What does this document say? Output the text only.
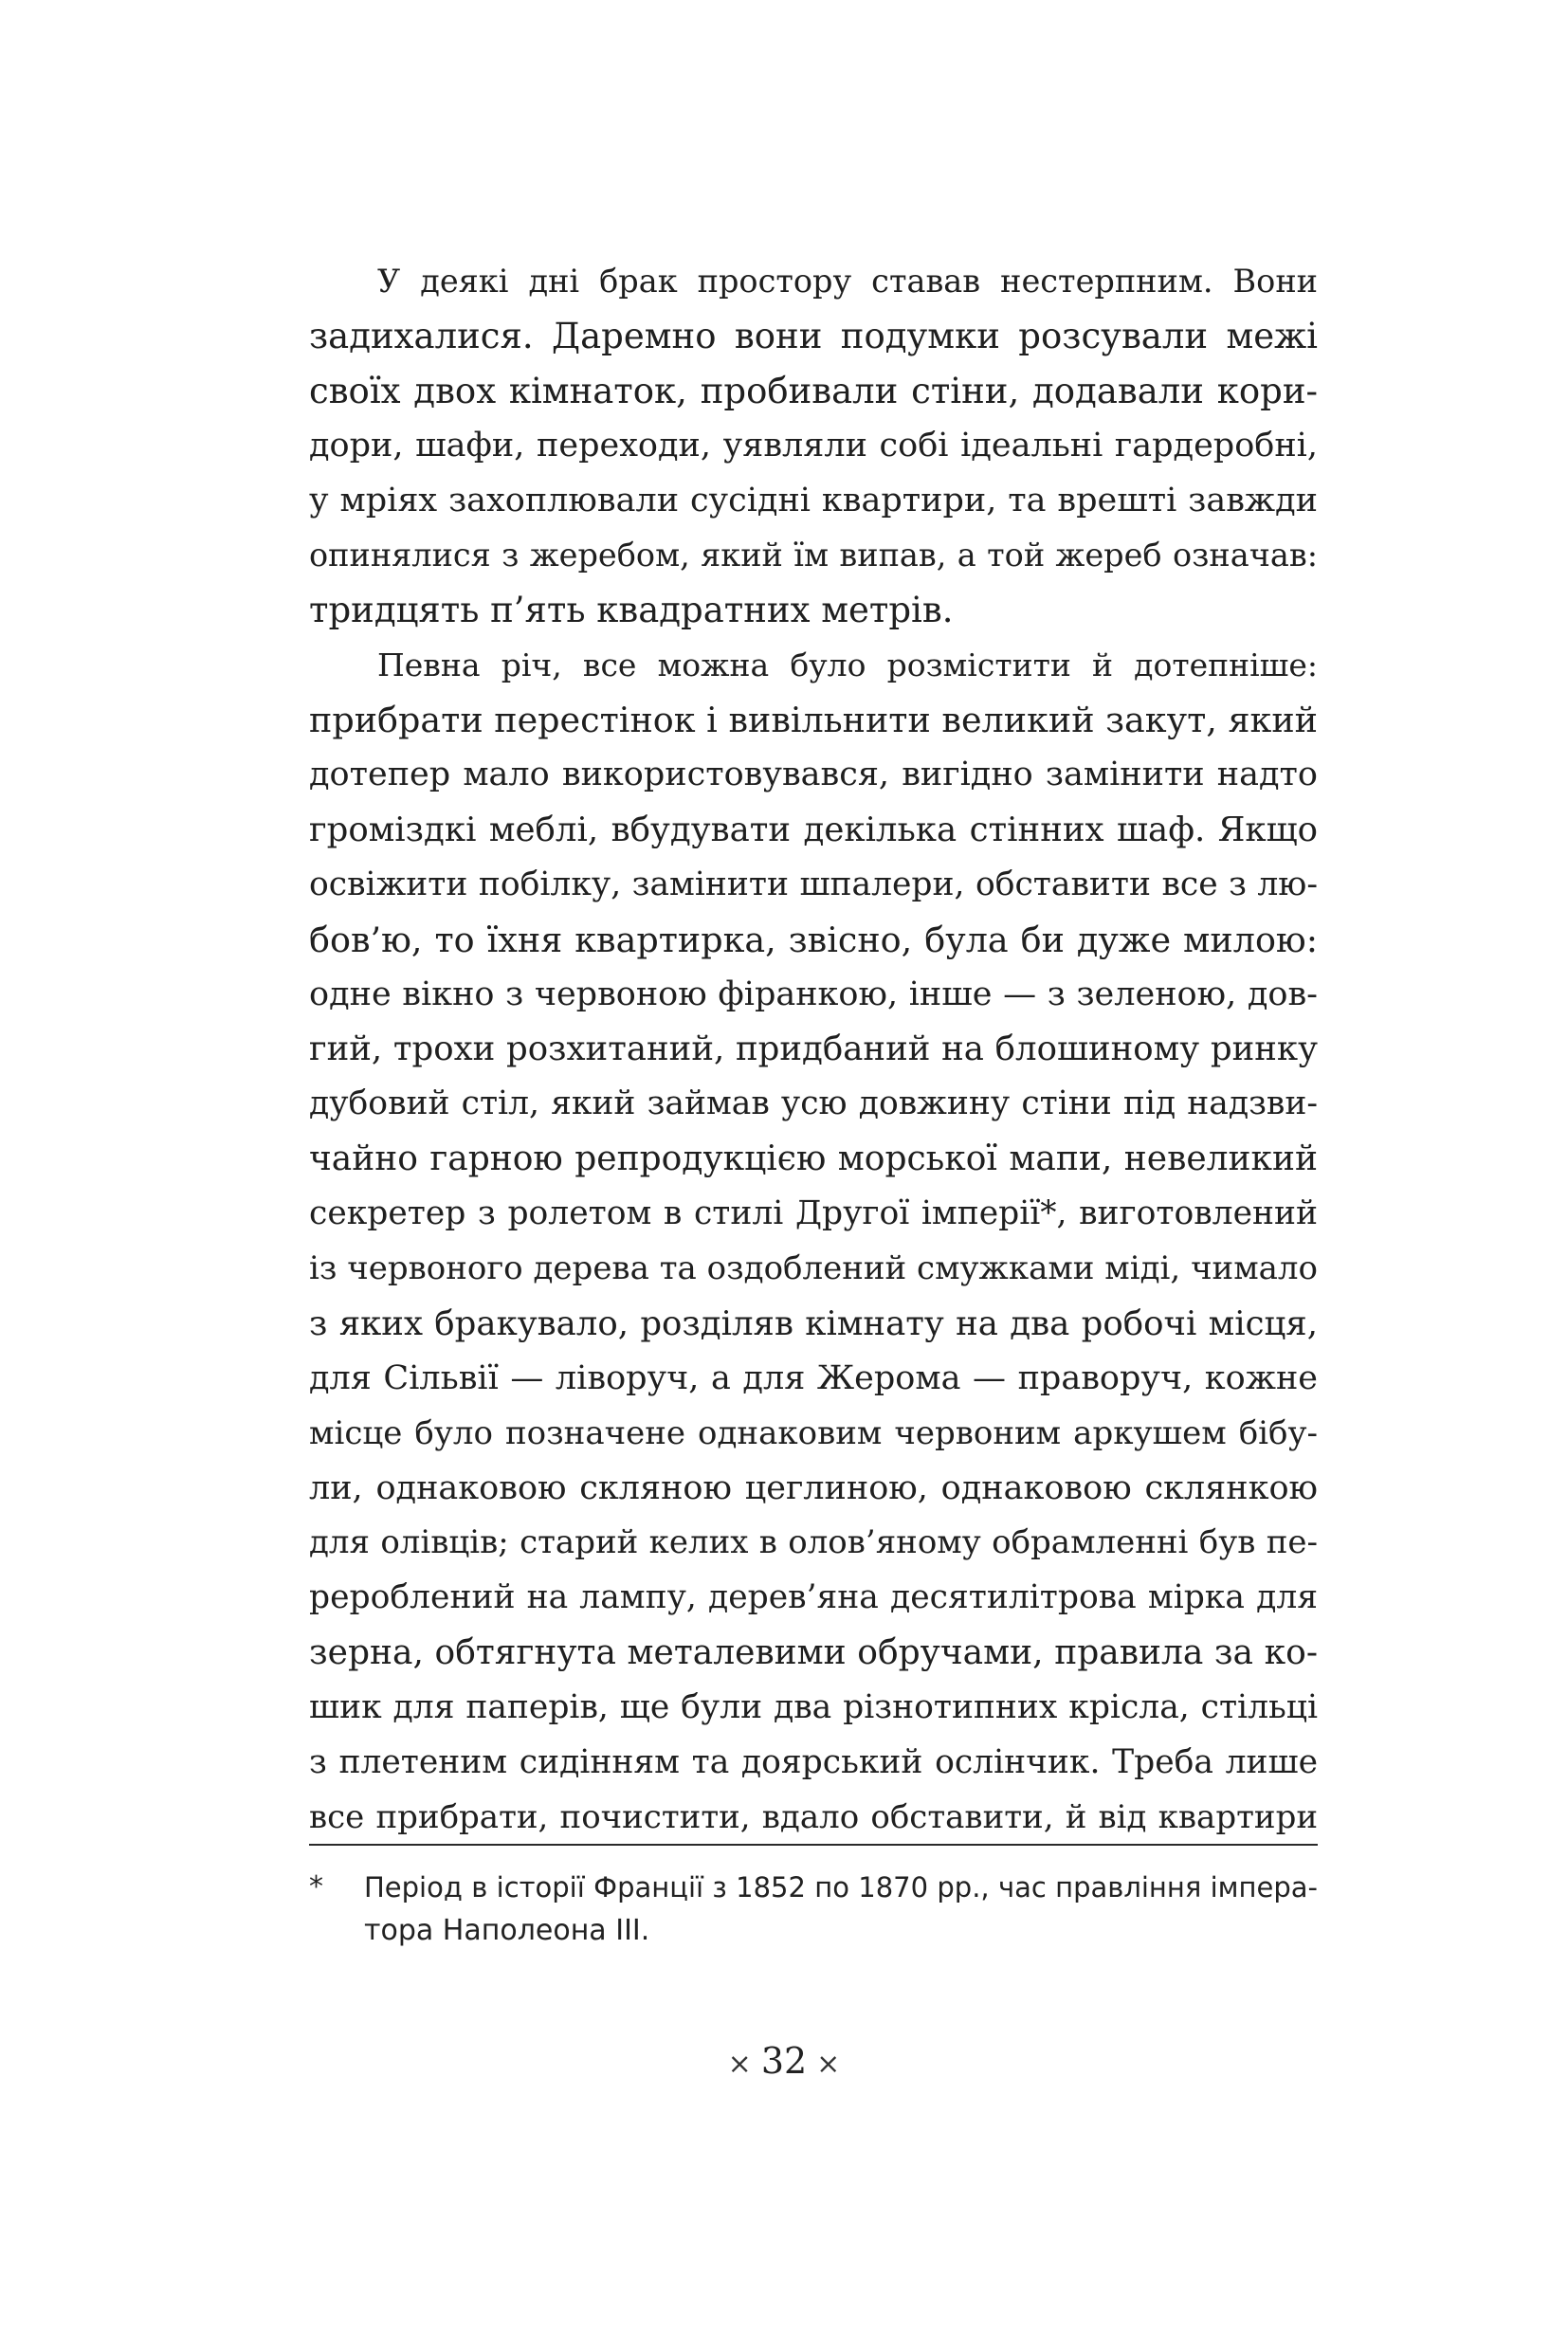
У деякі дні брак простору ставав нестерпним. Вони
задихалися. Даремно вони подумки розсували межі
своїх двох кімнаток, пробивали стіни, додавали кори-
дори, шафи, переходи, уявляли собі ідеальні гардеробні,
у мріях захоплювали сусідні квартири, та врешті завжди
опинялися з жеребом, який їм випав, а той жереб означав:
тридцять п’ять квадратних метрів.
Певна річ, все можна було розмістити й дотепніше:
прибрати перестінок і вивільнити великий закут, який
дотепер мало використовувався, вигідно замінити надто
громіздкі меблі, вбудувати декілька стінних шаф. Якщо
освіжити побілку, замінити шпалери, обставити все з лю-
бов’ю, то їхня квартирка, звісно, була би дуже милою:
одне вікно з червоною фіранкою, інше — з зеленою, дов-
гий, трохи розхитаний, придбаний на блошиному ринку
дубовий стіл, який займав усю довжину стіни під надзви-
чайно гарною репродукцією морської мапи, невеликий
секретер з ролетом в стилі Другої імперії*, виготовлений
із червоного дерева та оздоблений смужками міді, чимало
з яких бракувало, розділяв кімнату на два робочі місця,
для Сільвії — ліворуч, а для Жерома — праворуч, кожне
місце було позначене однаковим червоним аркушем бібу-
ли, однаковою скляною цеглиною, однаковою склянкою
для олівців; старий келих в олов’яному обрамленні був пе-
рероблений на лампу, дерев’яна десятилітрова мірка для
зерна, обтягнута металевими обручами, правила за ко-
шик для паперів, ще були два різнотипних крісла, стільці
з плетеним сидінням та доярський ослінчик. Треба лише
все прибрати, почистити, вдало обставити, й від квартири
* Період в історії Франції з 1852 по 1870 рр., час правління імпера-
тора Наполеона ІІІ.
× 32 ×
